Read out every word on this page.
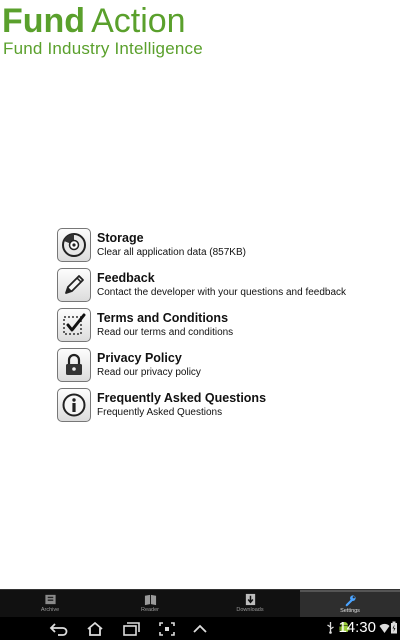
Fund Action
Fund Industry Intelligence
Storage
Clear all application data (857KB)
Feedback
Contact the developer with your questions and feedback
Terms and Conditions
Read our terms and conditions
Privacy Policy
Read our privacy policy
Frequently Asked Questions
Frequently Asked Questions
Archive	Reader	Downloads	Settings
14:30
